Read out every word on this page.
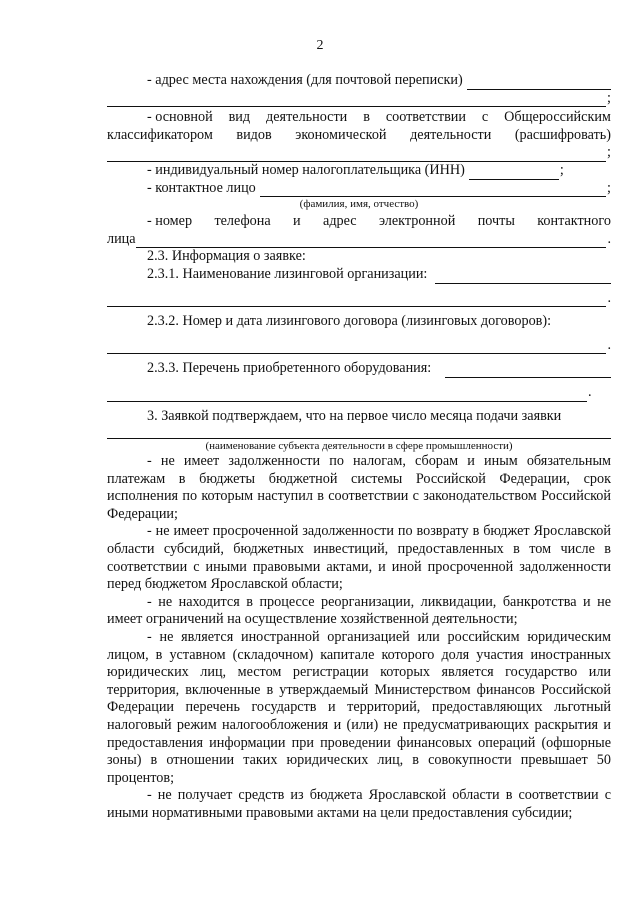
2
- адрес места нахождения (для почтовой переписки)
;
- основной вид деятельности в соответствии с Общероссийским
классификатором видов экономической деятельности (расшифровать)
;
- индивидуальный номер налогоплательщика (ИНН)	;
- контактное лицо	;
(фамилия, имя, отчество)
- номер телефона и адрес электронной почты контактного
лица	.
2.3. Информация о заявке:
2.3.1. Наименование лизинговой организации:
.
2.3.2. Номер и дата лизингового договора (лизинговых договоров):
.
2.3.3. Перечень приобретенного оборудования:
.
3. Заявкой подтверждаем, что на первое число месяца подачи заявки
(наименование субъекта деятельности в сфере промышленности)
- не имеет задолженности по налогам, сборам и иным обязательным платежам в бюджеты бюджетной системы Российской Федерации, срок исполнения по которым наступил в соответствии с законодательством Российской Федерации;
- не имеет просроченной задолженности по возврату в бюджет Ярославской области субсидий, бюджетных инвестиций, предоставленных в том числе в соответствии с иными правовыми актами, и иной просроченной задолженности перед бюджетом Ярославской области;
- не находится в процессе реорганизации, ликвидации, банкротства и не имеет ограничений на осуществление хозяйственной деятельности;
- не является иностранной организацией или российским юридическим лицом, в уставном (складочном) капитале которого доля участия иностранных юридических лиц, местом регистрации которых является государство или территория, включенные в утверждаемый Министерством финансов Российской Федерации перечень государств и территорий, предоставляющих льготный налоговый режим налогообложения и (или) не предусматривающих раскрытия и предоставления информации при проведении финансовых операций (офшорные зоны) в отношении таких юридических лиц, в совокупности превышает 50 процентов;
- не получает средств из бюджета Ярославской области в соответствии с иными нормативными правовыми актами на цели предоставления субсидии;
